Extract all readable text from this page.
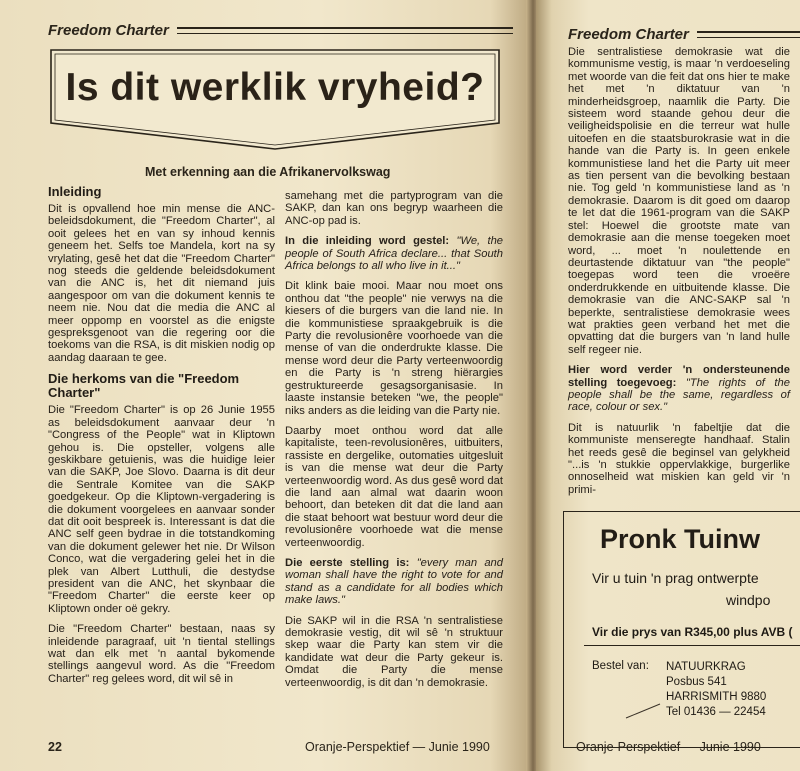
Freedom Charter
Is dit werklik vryheid?
Met erkenning aan die Afrikanervolkswag
Inleiding

Dit is opvallend hoe min mense die ANC-beleidsdokument, die "Freedom Charter", al ooit gelees het en van sy inhoud kennis geneem het. Selfs toe Mandela, kort na sy vrylating, gesê het dat die "Freedom Charter" nog steeds die geldende beleidsdokument van die ANC is, het dit niemand juis aangespoor om van die dokument kennis te neem nie. Nou dat die media die ANC al meer oppomp en voorstel as die enigste gespreksgenoot van die regering oor die toekoms van die RSA, is dit miskien nodig op aandag daaraan te gee.

Die herkoms van die "Freedom Charter"

Die "Freedom Charter" is op 26 Junie 1955 as beleidsdokument aanvaar deur 'n "Congress of the People" wat in Kliptown gehou is. Die opsteller, volgens alle geskikbare getuienis, was die huidige leier van die SAKP, Joe Slovo. Daarna is dit deur die Sentrale Komitee van die SAKP goedgekeur. Op die Kliptown-vergadering is die dokument voorgelees en aanvaar sonder dat dit ooit bespreek is. Interessant is dat die ANC self geen bydrae in die totstandkoming van die dokument gelewer het nie. Dr Wilson Conco, wat die vergadering gelei het in die plek van Albert Lutthuli, die destydse president van die ANC, het skynbaar die "Freedom Charter" die eerste keer op Kliptown onder oë gekry.

Die "Freedom Charter" bestaan, naas sy inleidende paragraaf, uit 'n tiental stellings wat dan elk met 'n aantal bykomende stellings aangevul word. As die "Freedom Charter" reg gelees word, dit wil sê in

samehang met die partyprogram van die SAKP, dan kan ons begryp waarheen die ANC-op pad is.

In die inleiding word gestel: "We, the people of South Africa declare... that South Africa belongs to all who live in it..."

Dit klink baie mooi. Maar nou moet ons onthou dat "the people" nie verwys na die kiesers of die burgers van die land nie. In die kommunistiese spraakgebruik is die Party die revolusionêre voorhoede van die mense of van die onderdrukte klasse. Die mense word deur die Party verteenwoordig en die Party is 'n streng hiërargies gestruktureerde gesagsorganisasie. In laaste instansie beteken "we, the people" niks anders as die leiding van die Party nie.

Daarby moet onthou word dat alle kapitaliste, teen-revolusionêres, uitbuiters, rassiste en dergelike, outomaties uitgesluit is van die mense wat deur die Party verteenwoordig word. As dus gesê word dat die land aan almal wat daarin woon behoort, dan beteken dit dat die land aan die staat behoort wat bestuur word deur die revolusionêre voorhoede wat die mense verteenwoordig.

Die eerste stelling is: "every man and woman shall have the right to vote for and stand as a candidate for all bodies which make laws."

Die SAKP wil in die RSA 'n sentralistiese demokrasie vestig, dit wil sê 'n struktuur skep waar die Party kan stem vir die kandidate wat deur die Party gekeur is. Omdat die Party die mense verteenwoordig, is dit dan 'n demokrasie.

22	Oranje-Perspektief — Junie 1990
Freedom Charter

Die sentralistiese demokrasie wat die kommunisme vestig, is maar 'n verdoeseling met woorde van die feit dat ons hier te make het met 'n diktatuur van 'n minderheidsgroep, naamlik die Party. Die sisteem word staande gehou deur die veiligheidspolisie en die terreur wat hulle uitoefen en die staatsburokrasie wat in die hande van die Party is. In geen enkele kommunistiese land het die Party uit meer as tien persent van die bevolking bestaan nie. Tog geld 'n kommunistiese land as 'n demokrasie. Daarom is dit goed om daarop te let dat die 1961-program van die SAKP stel: Hoewel die grootste mate van demokrasie aan die mense toegeken moet word, ... moet 'n noulettende en deurtastende diktatuur van "the people" toegepas word teen die vroeëre onderdrukkende en uitbuitende klasse. Die demokrasie van die ANC-SAKP sal 'n beperkte, sentralistiese demokrasie wees wat prakties geen verband het met die opvatting dat die burgers van 'n land hulle self regeer nie.

Hier word verder 'n ondersteunende stelling toegevoeg: "The rights of the people shall be the same, regardless of race, colour or sex."

Dit is natuurlik 'n fabeltjie dat die kommuniste menseregte handhaaf. Stalin het reeds gesê die beginsel van gelykheid "...is 'n stukkie oppervlakkige, burgerlike onnoselheid wat miskien kan geld vir 'n primi-

Oranje-Perspektief — Junie 1990
Pronk Tuinw
Vir u tuin 'n prag ontwerpte
windpo
Vir die prys van R345,00 plus AVB (
Bestel van: NATUURKRAG
Posbus 541
HARRISMITH 9880
Tel 01436 — 22454
